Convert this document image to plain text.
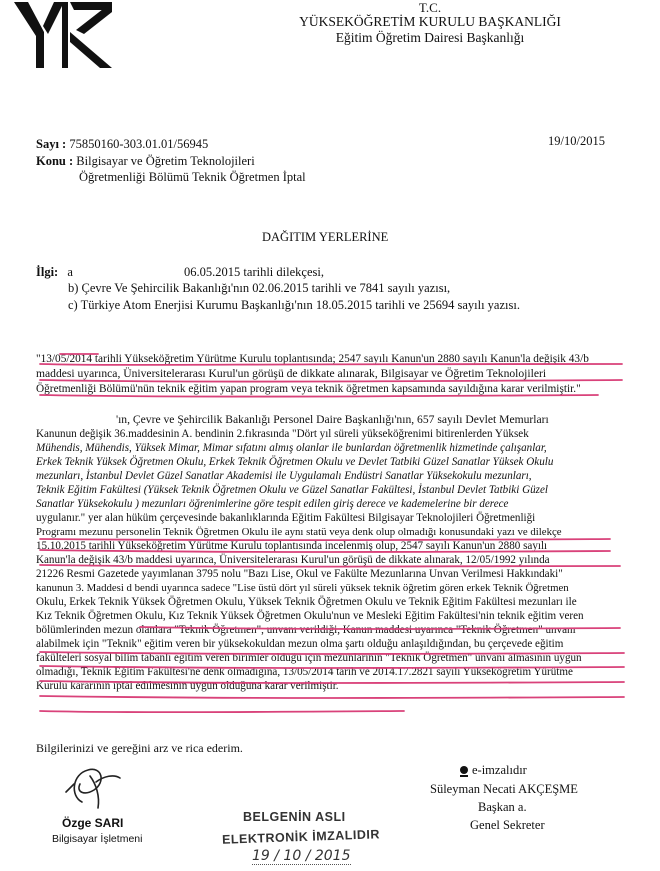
T.C.
YÜKSEKÖĞRETİM KURULU BAŞKANLIĞI
Eğitim Öğretim Dairesi Başkanlığı
Sayı : 75850160-303.01.01/56945	19/10/2015
Konu : Bilgisayar ve Öğretim Teknolojileri
Öğretmenliği Bölümü Teknik Öğretmen İptal
DAĞITIM YERLERİNE
İlgi: a	06.05.2015 tarihli dilekçesi,
b) Çevre Ve Şehircilik Bakanlığı'nın 02.06.2015 tarihli ve 7841 sayılı yazısı,
c) Türkiye Atom Enerjisi Kurumu Başkanlığı'nın 18.05.2015 tarihli ve 25694 sayılı yazısı.
"13/05/2014 tarihli Yükseköğretim Yürütme Kurulu toplantısında; 2547 sayılı Kanun'un 2880 sayılı Kanun'la değişik 43/b
maddesi uyarınca, Üniversitelerarası Kurul'un görüşü de dikkate alınarak, Bilgisayar ve Öğretim Teknolojileri
Öğretmenliği Bölümü'nün teknik eğitim yapan program veya teknik öğretmen kapsamında sayıldığına karar verilmiştir."
'ın, Çevre ve Şehircilik Bakanlığı Personel Daire Başkanlığı'nın, 657 sayılı Devlet Memurları
Kanunun değişik 36.maddesinin A. bendinin 2.fıkrasında "Dört yıl süreli yükseköğrenimi bitirenlerden Yüksek
Mühendis, Mühendis, Yüksek Mimar, Mimar sıfatını almış olanlar ile bunlardan öğretmenlik hizmetinde çalışanlar,
Erkek Teknik Yüksek Öğretmen Okulu, Erkek Teknik Öğretmen Okulu ve Devlet Tatbiki Güzel Sanatlar Yüksek Okulu
mezunları, İstanbul Devlet Güzel Sanatlar Akademisi ile Uygulamalı Endüstri Sanatlar Yüksekokulu mezunları,
Teknik Eğitim Fakültesi (Yüksek Teknik Öğretmen Okulu ve Güzel Sanatlar Fakültesi, İstanbul Devlet Tatbiki Güzel
Sanatlar Yüksekokulu ) mezunları öğrenimlerine göre tespit edilen giriş derece ve kademelerine bir derece
uygulanır." yer alan hüküm çerçevesinde bakanlıklarında Eğitim Fakültesi Bilgisayar Teknolojileri Öğretmenliği
Programı mezunu personelin Teknik Öğretmen Okulu ile aynı statü veya denk olup olmadığı konusundaki yazı ve dilekçe
15.10.2015 tarihli Yükseköğretim Yürütme Kurulu toplantısında incelenmiş olup, 2547 sayılı Kanun'un 2880 sayılı
Kanun'la değişik 43/b maddesi uyarınca, Üniversitelerarası Kurul'un görüşü de dikkate alınarak, 12/05/1992 yılında
21226 Resmi Gazetede yayımlanan 3795 nolu "Bazı Lise, Okul ve Fakülte Mezunlarına Unvan Verilmesi Hakkındaki"
kanunun 3. Maddesi d bendi uyarınca sadece "Lise üstü dört yıl süreli yüksek teknik öğretim gören erkek Teknik Öğretmen
Okulu, Erkek Teknik Yüksek Öğretmen Okulu, Yüksek Teknik Öğretmen Okulu ve Teknik Eğitim Fakültesi mezunları ile
Kız Teknik Öğretmen Okulu, Kız Teknik Yüksek Öğretmen Okulu'nun ve Mesleki Eğitim Fakültesi'nin teknik eğitim veren
bölümlerinden mezun olanlara "Teknik Öğretmen", unvanı verildiği, Kanun maddesi uyarınca "Teknik Öğretmen" unvanı
alabilmek için "Teknik" eğitim veren bir yüksekokuldan mezun olma şartı olduğu anlaşıldığından, bu çerçevede eğitim
fakülteleri sosyal bilim tabanlı eğitim veren birimler olduğu için mezunlarının "Teknik Öğretmen" unvanı almasının uygun
olmadığı, Teknik Eğitim Fakültesi'ne denk olmadığına, 13/05/2014 tarih ve 2014.17.2821 sayılı Yükseköğretim Yürütme
Kurulu kararının iptal edilmesinin uygun olduğuna karar verilmiştir.
Bilgilerinizi ve gereğini arz ve rica ederim.
Özge SARI
Bilgisayar İşletmeni
BELGENİN ASLI
ELEKTRONİK İMZALIDIR
19 / 10 / 2015
e-imzalıdır
Süleyman Necati AKÇEŞME
Başkan a.
Genel Sekreter
